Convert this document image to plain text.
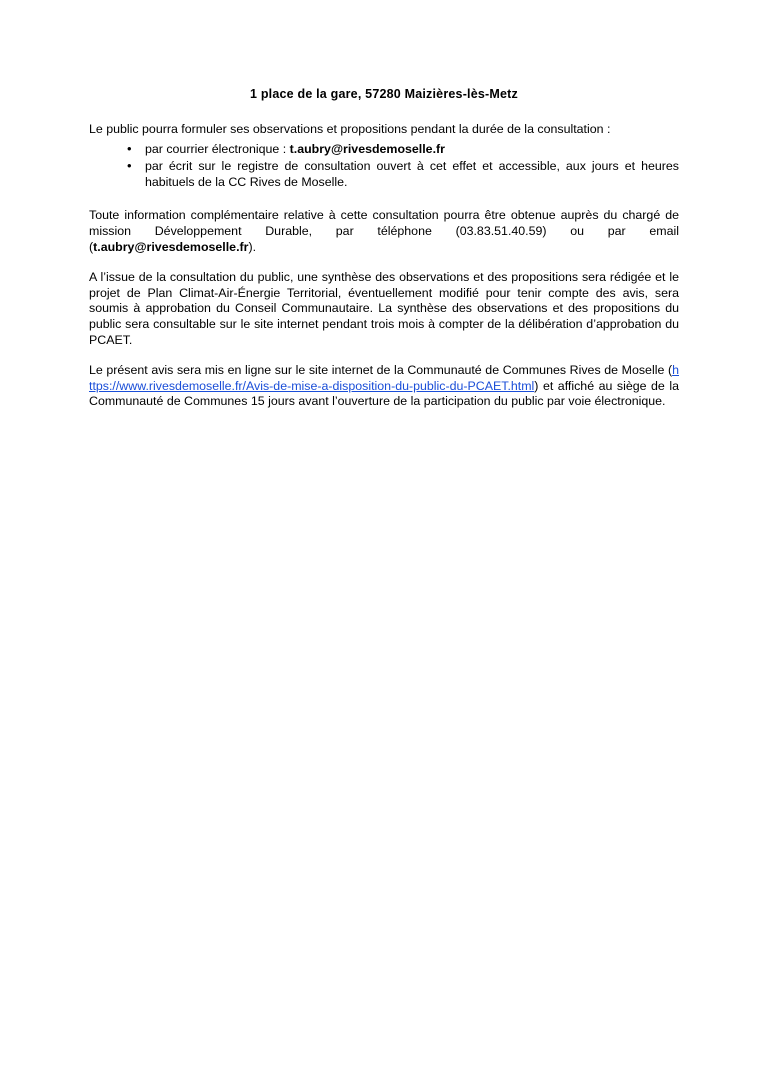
1 place de la gare, 57280 Maizières-lès-Metz

Le public pourra formuler ses observations et propositions pendant la durée de la consultation :

• par courrier électronique : t.aubry@rivesdemoselle.fr
• par écrit sur le registre de consultation ouvert à cet effet et accessible, aux jours et heures habituels de la CC Rives de Moselle.

Toute information complémentaire relative à cette consultation pourra être obtenue auprès du chargé de mission Développement Durable, par téléphone (03.83.51.40.59) ou par email (t.aubry@rivesdemoselle.fr).

A l’issue de la consultation du public, une synthèse des observations et des propositions sera rédigée et le projet de Plan Climat-Air-Énergie Territorial, éventuellement modifié pour tenir compte des avis, sera soumis à approbation du Conseil Communautaire. La synthèse des observations et des propositions du public sera consultable sur le site internet pendant trois mois à compter de la délibération d’approbation du PCAET.

Le présent avis sera mis en ligne sur le site internet de la Communauté de Communes Rives de Moselle (https://www.rivesdemoselle.fr/Avis-de-mise-a-disposition-du-public-du-PCAET.html) et affiché au siège de la Communauté de Communes 15 jours avant l’ouverture de la participation du public par voie électronique.
